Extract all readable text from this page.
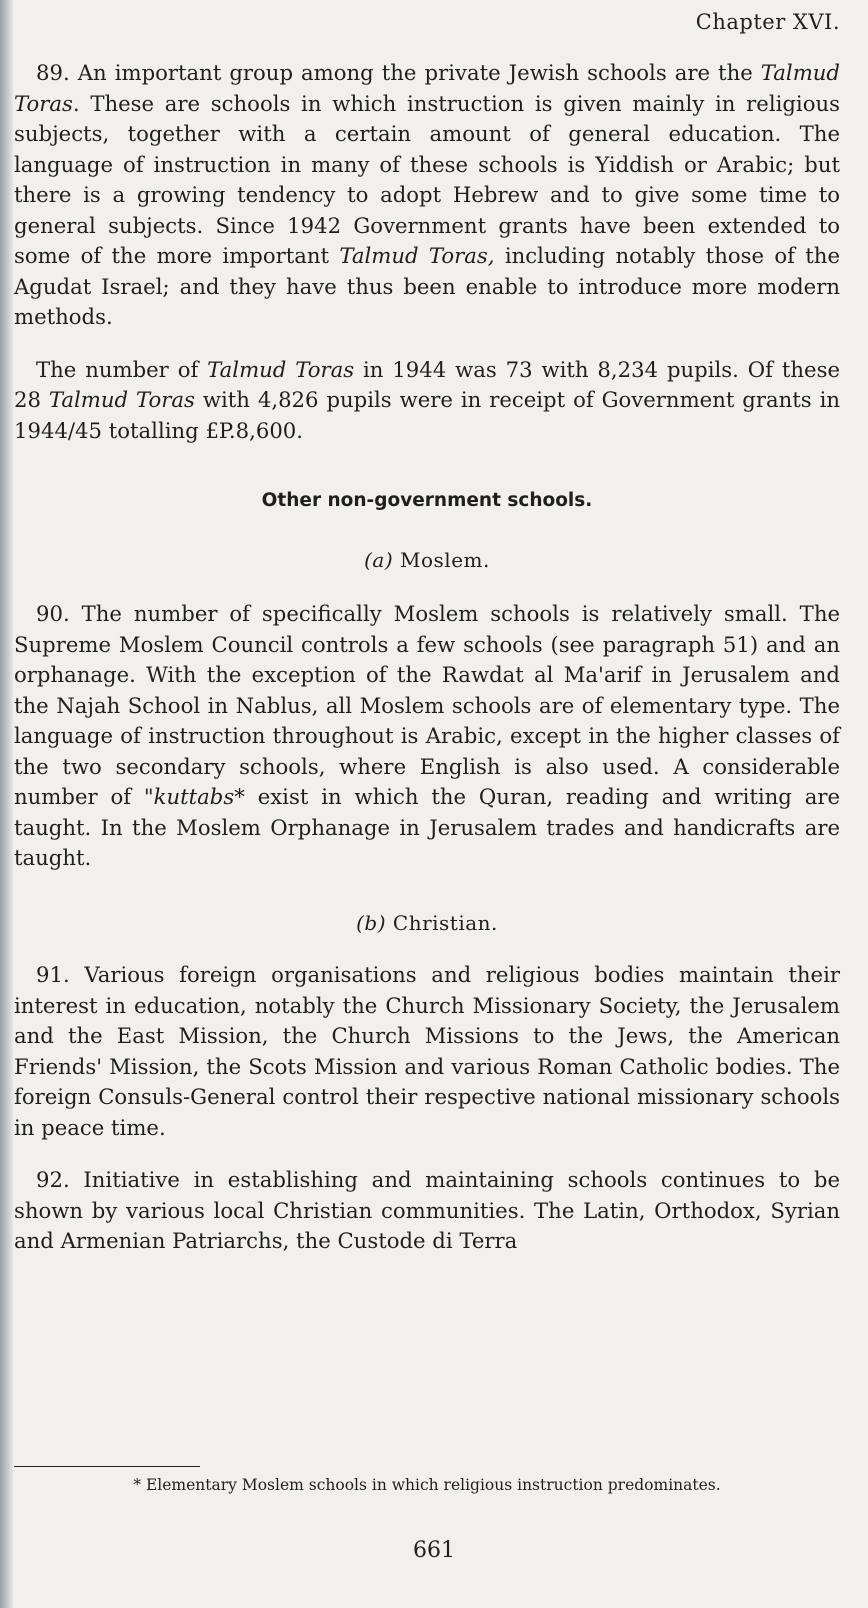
Chapter XVI.

89. An important group among the private Jewish schools are the Talmud Toras. These are schools in which instruction is given mainly in religious subjects, together with a certain amount of general education. The language of instruction in many of these schools is Yiddish or Arabic; but there is a growing tendency to adopt Hebrew and to give some time to general subjects. Since 1942 Government grants have been extended to some of the more important Talmud Toras, including notably those of the Agudat Israel; and they have thus been enable to introduce more modern methods.

The number of Talmud Toras in 1944 was 73 with 8,234 pupils. Of these 28 Talmud Toras with 4,826 pupils were in receipt of Government grants in 1944/45 totalling £P.8,600.

Other non-government schools.
(a) Moslem.

90. The number of specifically Moslem schools is relatively small. The Supreme Moslem Council controls a few schools (see paragraph 51) and an orphanage. With the exception of the Rawdat al Ma'arif in Jerusalem and the Najah School in Nablus, all Moslem schools are of elementary type. The language of instruction throughout is Arabic, except in the higher classes of the two secondary schools, where English is also used. A considerable number of "kuttabs* exist in which the Quran, reading and writing are taught. In the Moslem Orphanage in Jerusalem trades and handicrafts are taught.

(b) Christian.

91. Various foreign organisations and religious bodies maintain their interest in education, notably the Church Missionary Society, the Jerusalem and the East Mission, the Church Missions to the Jews, the American Friends' Mission, the Scots Mission and various Roman Catholic bodies. The foreign Consuls-General control their respective national missionary schools in peace time.

92. Initiative in establishing and maintaining schools continues to be shown by various local Christian communities. The Latin, Orthodox, Syrian and Armenian Patriarchs, the Custode di Terra

* Elementary Moslem schools in which religious instruction predominates.
661
